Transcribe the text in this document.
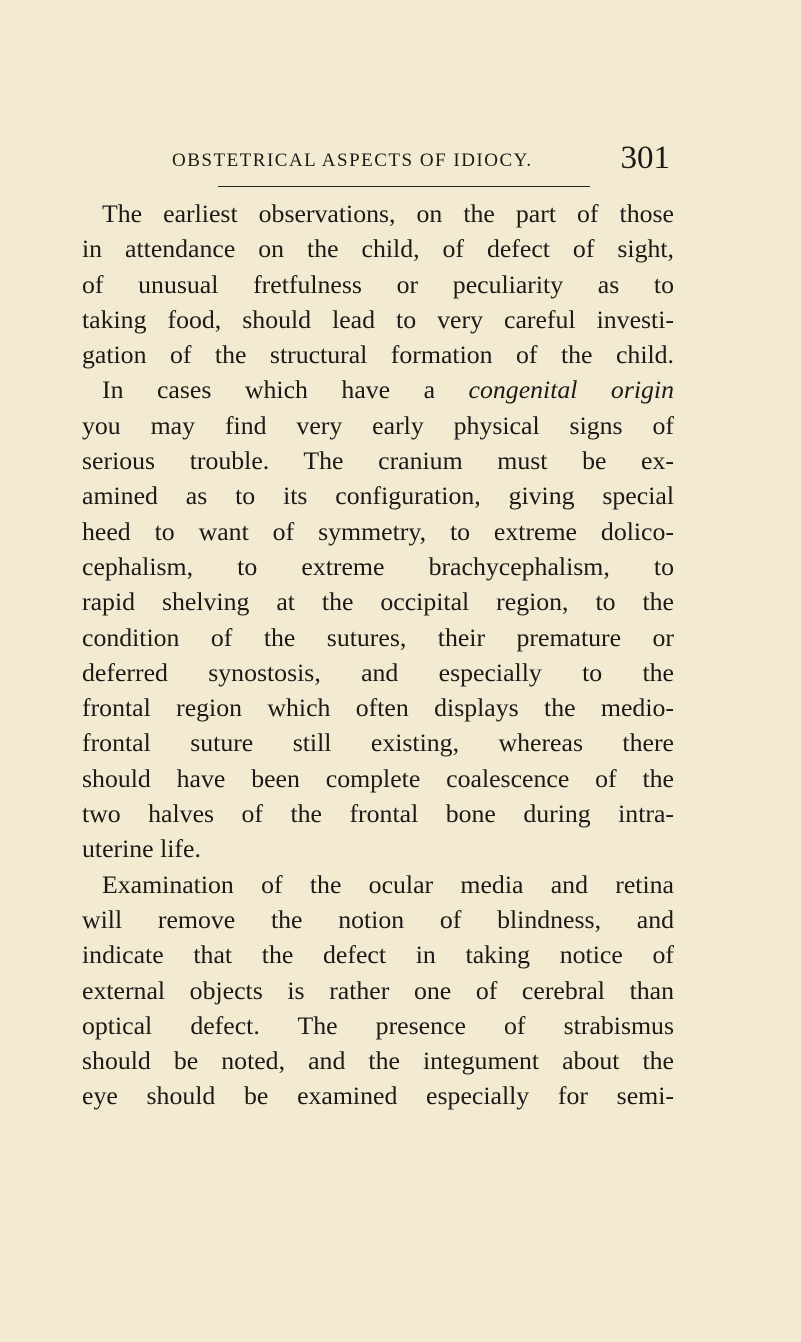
OBSTETRICAL ASPECTS OF IDIOCY.	301
The earliest observations, on the part of those
in attendance on the child, of defect of sight,
of unusual fretfulness or peculiarity as to
taking food, should lead to very careful investi-
gation of the structural formation of the child.
In cases which have a congenital origin
you may find very early physical signs of
serious trouble. The cranium must be ex-
amined as to its configuration, giving special
heed to want of symmetry, to extreme dolico-
cephalism, to extreme brachycephalism, to
rapid shelving at the occipital region, to the
condition of the sutures, their premature or
deferred synostosis, and especially to the
frontal region which often displays the medio-
frontal suture still existing, whereas there
should have been complete coalescence of the
two halves of the frontal bone during intra-
uterine life.
Examination of the ocular media and retina
will remove the notion of blindness, and
indicate that the defect in taking notice of
external objects is rather one of cerebral than
optical defect. The presence of strabismus
should be noted, and the integument about the
eye should be examined especially for semi-
